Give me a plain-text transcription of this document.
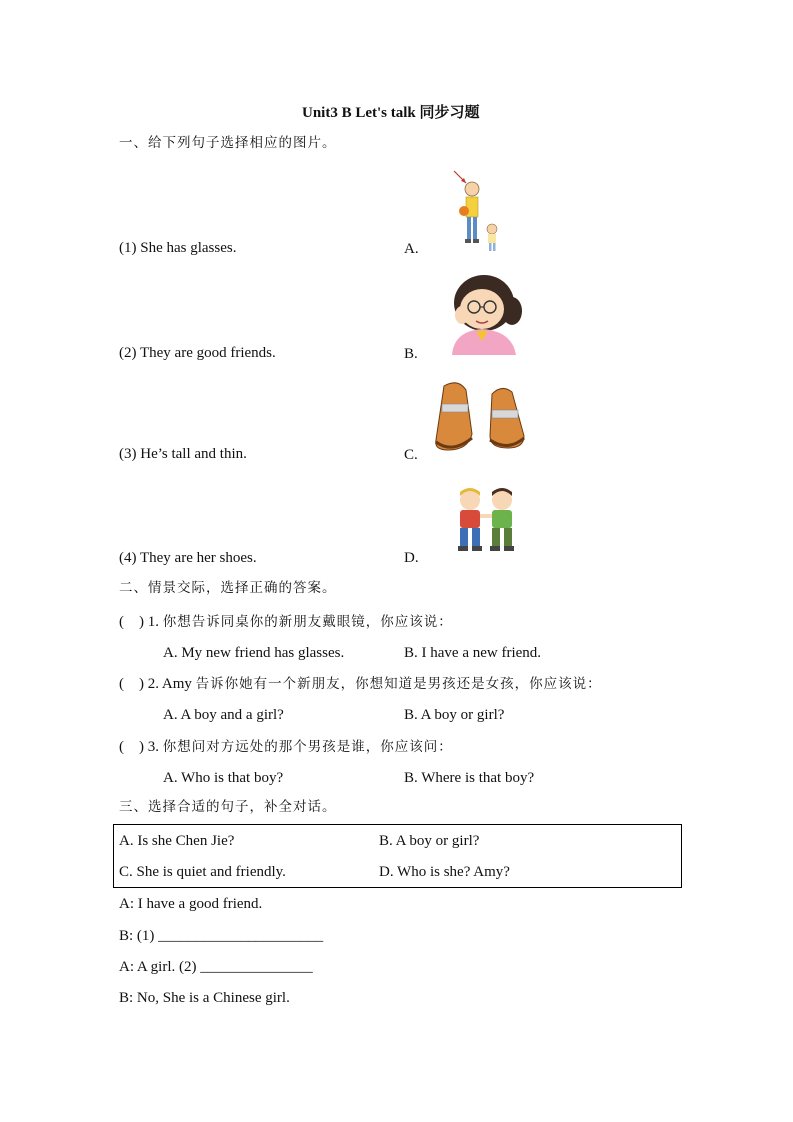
Unit3 B Let's talk 同步习题
一、给下列句子选择相应的图片。
(1) She has glasses.	A.
(2) They are good friends.	B.
(3) He’s tall and thin.	C.
(4) They are her shoes.	D.
二、情景交际，选择正确的答案。
(    ) 1. 你想告诉同桌你的新朋友戴眼镜，你应该说：
A. My new friend has glasses.	B. I have a new friend.
(    ) 2. Amy 告诉你她有一个新朋友，你想知道是男孩还是女孩，你应该说：
A. A boy and a girl?	B. A boy or girl?
(    ) 3. 你想问对方远处的那个男孩是谁，你应该问：
A. Who is that boy?	B. Where is that boy?
三、选择合适的句子，补全对话。
A. Is she Chen Jie?	B. A boy or girl?
C. She is quiet and friendly.	D. Who is she? Amy?
A: I have a good friend.
B: (1) ______________________
A: A girl. (2) _______________
B: No, She is a Chinese girl.
